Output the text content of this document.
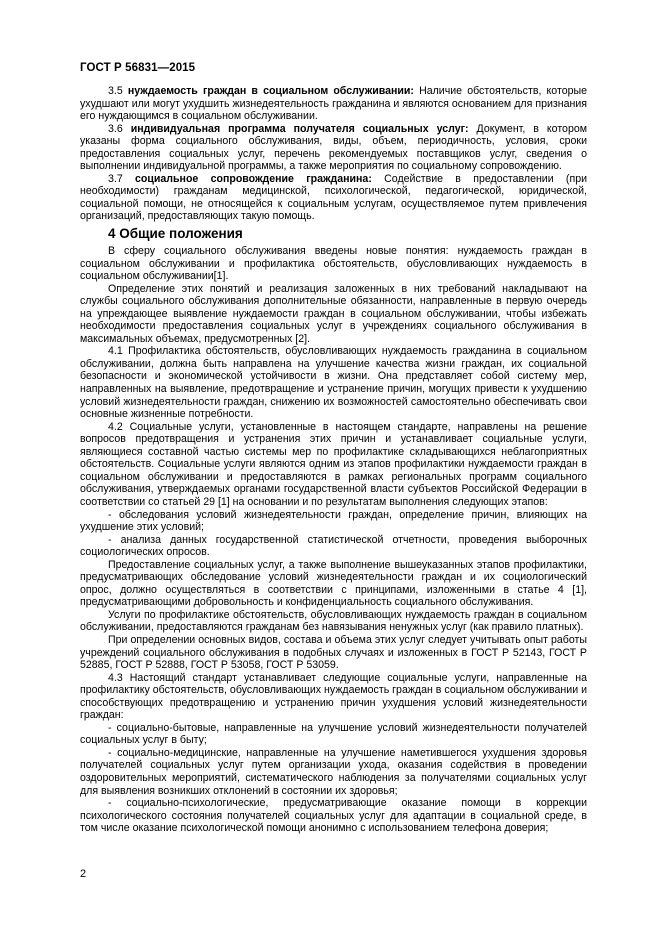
ГОСТ Р 56831—2015

3.5 нуждаемость граждан в социальном обслуживании: Наличие обстоятельств, которые ухудшают или могут ухудшить жизнедеятельность гражданина и являются основанием для признания его нуждающимся в социальном обслуживании.

3.6 индивидуальная программа получателя социальных услуг: Документ, в котором указаны форма социального обслуживания, виды, объем, периодичность, условия, сроки предоставления социальных услуг, перечень рекомендуемых поставщиков услуг, сведения о выполнении индивидуальной программы, а также мероприятия по социальному сопровождению.

3.7 социальное сопровождение гражданина: Содействие в предоставлении (при необходимости) гражданам медицинской, психологической, педагогической, юридической, социальной помощи, не относящейся к социальным услугам, осуществляемое путем привлечения организаций, предоставляющих такую помощь.

4 Общие положения

В сферу социального обслуживания введены новые понятия: нуждаемость граждан в социальном обслуживании и профилактика обстоятельств, обусловливающих нуждаемость в социальном обслуживании[1].

Определение этих понятий и реализация заложенных в них требований накладывают на службы социального обслуживания дополнительные обязанности, направленные в первую очередь на упреждающее выявление нуждаемости граждан в социальном обслуживании, чтобы избежать необходимости предоставления социальных услуг в учреждениях социального обслуживания в максимальных объемах, предусмотренных [2].

4.1 Профилактика обстоятельств, обусловливающих нуждаемость гражданина в социальном обслуживании, должна быть направлена на улучшение качества жизни граждан, их социальной безопасности и экономической устойчивости в жизни. Она представляет собой систему мер, направленных на выявление, предотвращение и устранение причин, могущих привести к ухудшению условий жизнедеятельности граждан, снижению их возможностей самостоятельно обеспечивать свои основные жизненные потребности.

4.2 Социальные услуги, установленные в настоящем стандарте, направлены на решение вопросов предотвращения и устранения этих причин и устанавливает социальные услуги, являющиеся составной частью системы мер по профилактике складывающихся неблагоприятных обстоятельств. Социальные услуги являются одним из этапов профилактики нуждаемости граждан в социальном обслуживании и предоставляются в рамках региональных программ социального обслуживания, утверждаемых органами государственной власти субъектов Российской Федерации в соответствии со статьей 29 [1] на основании и по результатам выполнения следующих этапов:

- обследования условий жизнедеятельности граждан, определение причин, влияющих на ухудшение этих условий;

- анализа данных государственной статистической отчетности, проведения выборочных социологических опросов.

Предоставление социальных услуг, а также выполнение вышеуказанных этапов профилактики, предусматривающих обследование условий жизнедеятельности граждан и их социологический опрос, должно осуществляться в соответствии с принципами, изложенными в статье 4 [1], предусматривающими добровольность и конфиденциальность социального обслуживания.

Услуги по профилактике обстоятельств, обусловливающих нуждаемость граждан в социальном обслуживании, предоставляются гражданам без навязывания ненужных услуг (как правило платных).

При определении основных видов, состава и объема этих услуг следует учитывать опыт работы учреждений социального обслуживания в подобных случаях и изложенных в ГОСТ Р 52143, ГОСТ Р 52885, ГОСТ Р 52888, ГОСТ Р 53058, ГОСТ Р 53059.

4.3 Настоящий стандарт устанавливает следующие социальные услуги, направленные на профилактику обстоятельств, обусловливающих нуждаемость граждан в социальном обслуживании и способствующих предотвращению и устранению причин ухудшения условий жизнедеятельности граждан:

- социально-бытовые, направленные на улучшение условий жизнедеятельности получателей социальных услуг в быту;

- социально-медицинские, направленные на улучшение наметившегося ухудшения здоровья получателей социальных услуг путем организации ухода, оказания содействия в проведении оздоровительных мероприятий, систематического наблюдения за получателями социальных услуг для выявления возникших отклонений в состоянии их здоровья;

- социально-психологические, предусматривающие оказание помощи в коррекции психологического состояния получателей социальных услуг для адаптации в социальной среде, в том числе оказание психологической помощи анонимно с использованием телефона доверия;

2
